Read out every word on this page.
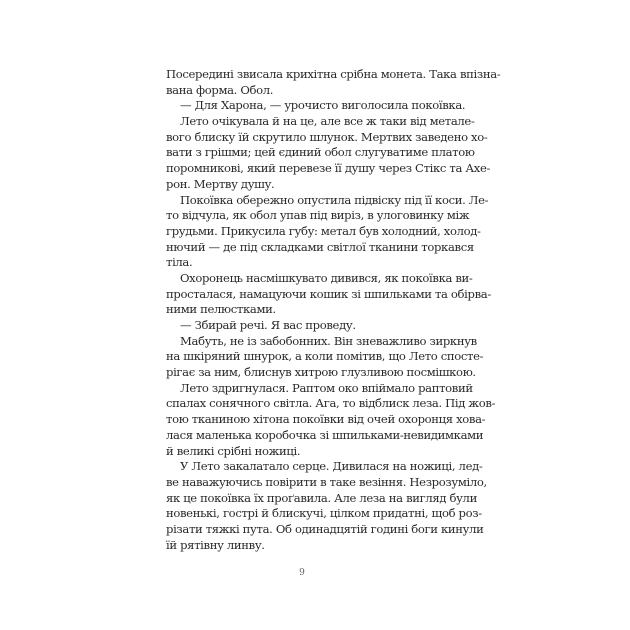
Посередині звисала крихітна срібна монета. Така впізна-
вана форма. Обол.
— Для Харона, — урочисто виголосила покоївка.
Лето очікувала й на це, але все ж таки від метале-
вого блиску їй скрутило шлунок. Мертвих заведено хо-
вати з грішми; цей єдиний обол слугуватиме платою
поромникові, який перевезе її душу через Стікс та Ахе-
рон. Мертву душу.
Покоївка обережно опустила підвіску під її коси. Ле-
то відчула, як обол упав під виріз, в улоговинку між
грудьми. Прикусила губу: метал був холодний, холод-
нючий — де під складками світлої тканини торкався
тіла.
Охоронець насмішкувато дивився, як покоївка ви-
просталася, намацуючи кошик зі шпильками та обірва-
ними пелюстками.
— Збирай речі. Я вас проведу.
Мабуть, не із забобонних. Він зневажливо зиркнув
на шкіряний шнурок, а коли помітив, що Лето спосте-
рігає за ним, блиснув хитрою глузливою посмішкою.
Лето здригнулася. Раптом око впіймало раптовий
спалах сонячного світла. Ага, то відблиск леза. Під жов-
тою тканиною хітона покоївки від очей охоронця хова-
лася маленька коробочка зі шпильками-невидимками
й великі срібні ножиці.
У Лето закалатало серце. Дивилася на ножиці, лед-
ве наважуючись повірити в таке везіння. Незрозуміло,
як це покоївка їх проґавила. Але леза на вигляд були
новенькі, гострі й блискучі, цілком придатні, щоб роз-
різати тяжкі пута. Об одинадцятій годині боги кинули
їй рятівну линву.
9
